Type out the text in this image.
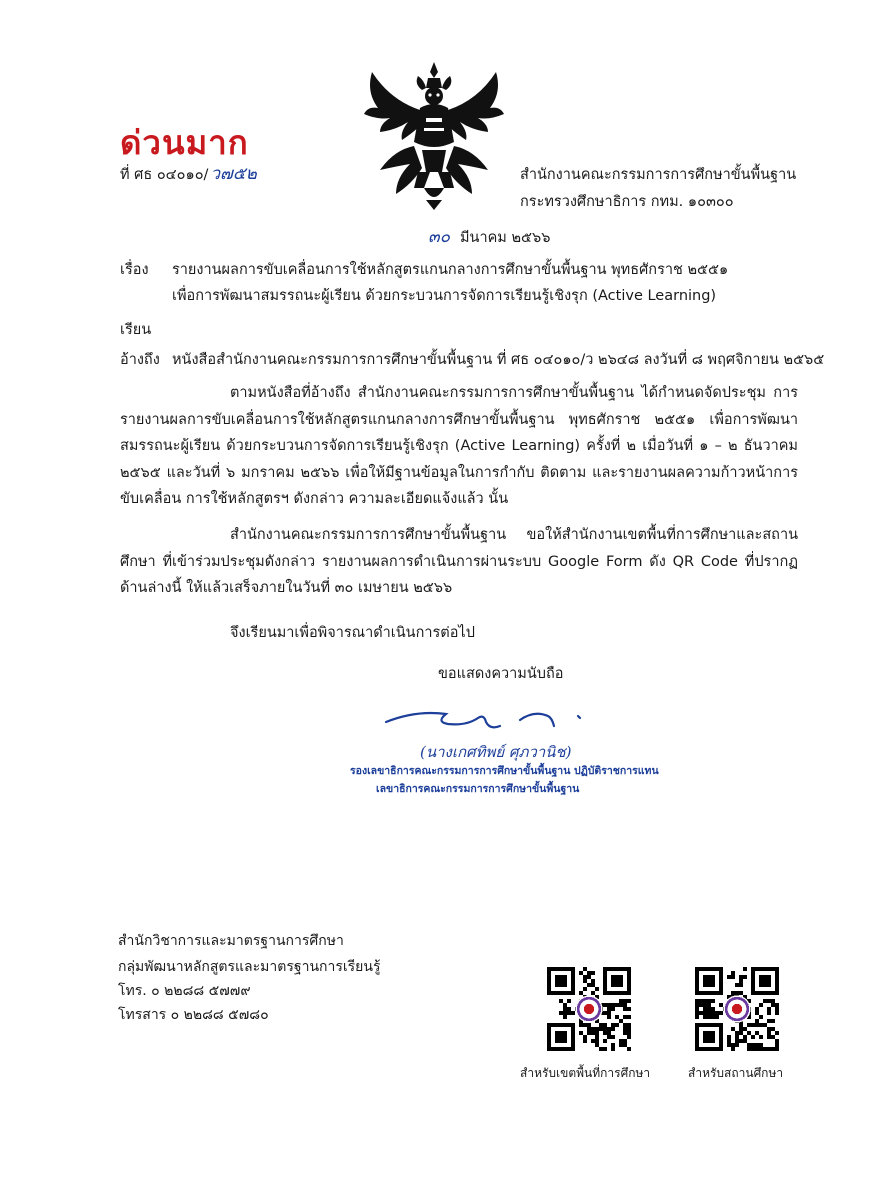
ด่วนมาก
ที่ ศธ ๐๔๐๑๐/ ว๗๕๒	สำนักงานคณะกรรมการการศึกษาขั้นพื้นฐาน
กระทรวงศึกษาธิการ กทม. ๑๐๓๐๐
๓๐ มีนาคม ๒๕๖๖
เรื่อง รายงานผลการขับเคลื่อนการใช้หลักสูตรแกนกลางการศึกษาขั้นพื้นฐาน พุทธศักราช ๒๕๕๑
เพื่อการพัฒนาสมรรถนะผู้เรียน ด้วยกระบวนการจัดการเรียนรู้เชิงรุก (Active Learning)
เรียน
อ้างถึง หนังสือสำนักงานคณะกรรมการการศึกษาขั้นพื้นฐาน ที่ ศธ ๐๔๐๑๐/ว ๒๖๔๘ ลงวันที่ ๘ พฤศจิกายน ๒๕๖๕
ตามหนังสือที่อ้างถึง สำนักงานคณะกรรมการการศึกษาขั้นพื้นฐาน ได้กำหนดจัดประชุม การรายงานผลการขับเคลื่อนการใช้หลักสูตรแกนกลางการศึกษาขั้นพื้นฐาน พุทธศักราช ๒๕๕๑ เพื่อการพัฒนา สมรรถนะผู้เรียน ด้วยกระบวนการจัดการเรียนรู้เชิงรุก (Active Learning) ครั้งที่ ๒ เมื่อวันที่ ๑ – ๒ ธันวาคม ๒๕๖๕ และวันที่ ๖ มกราคม ๒๕๖๖ เพื่อให้มีฐานข้อมูลในการกำกับ ติดตาม และรายงานผลความก้าวหน้าการขับเคลื่อน การใช้หลักสูตรฯ ดังกล่าว ความละเอียดแจ้งแล้ว นั้น
สำนักงานคณะกรรมการการศึกษาขั้นพื้นฐาน ขอให้สำนักงานเขตพื้นที่การศึกษาและสถานศึกษา ที่เข้าร่วมประชุมดังกล่าว รายงานผลการดำเนินการผ่านระบบ Google Form ดัง QR Code ที่ปรากฏด้านล่างนี้ ให้แล้วเสร็จภายในวันที่ ๓๐ เมษายน ๒๕๖๖
จึงเรียนมาเพื่อพิจารณาดำเนินการต่อไป
ขอแสดงความนับถือ
(นางเกศทิพย์ ศุภวานิช)
รองเลขาธิการคณะกรรมการการศึกษาขั้นพื้นฐาน ปฏิบัติราชการแทน
เลขาธิการคณะกรรมการการศึกษาขั้นพื้นฐาน
สำนักวิชาการและมาตรฐานการศึกษา
กลุ่มพัฒนาหลักสูตรและมาตรฐานการเรียนรู้
โทร. ๐ ๒๒๘๘ ๕๗๗๙
โทรสาร ๐ ๒๒๘๘ ๕๗๘๐
สำหรับเขตพื้นที่การศึกษา	สำหรับสถานศึกษา
